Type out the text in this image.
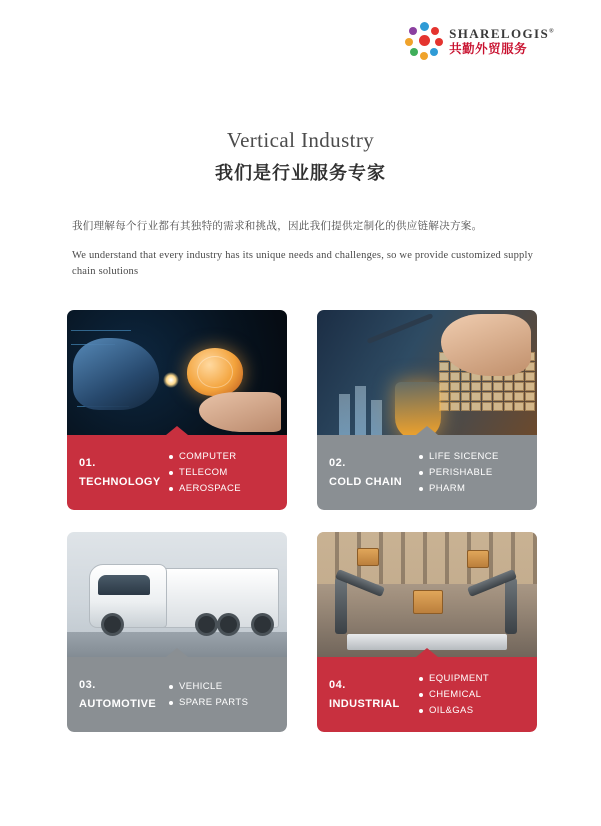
SHARELOGIS®
共勤外贸服务
Vertical Industry
我们是行业服务专家
我们理解每个行业都有其独特的需求和挑战，因此我们提供定制化的供应链解决方案。
We understand that every industry has its unique needs and challenges, so we provide customized supply chain solutions
01.
TECHNOLOGY
COMPUTER
TELECOM
AEROSPACE
02.
COLD CHAIN
LIFE SICENCE
PERISHABLE
PHARM
03.
AUTOMOTIVE
VEHICLE
SPARE PARTS
04.
INDUSTRIAL
EQUIPMENT
CHEMICAL
OIL&GAS
